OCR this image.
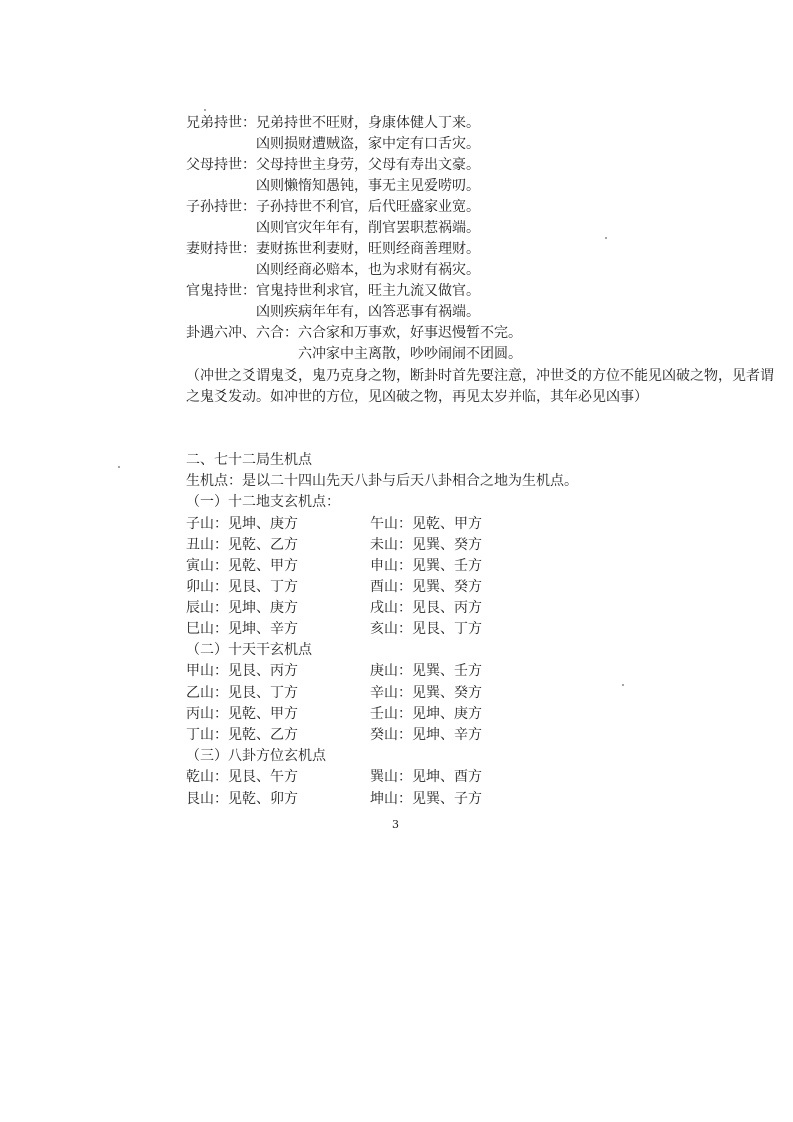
兄弟持世：兄弟持世不旺财，身康体健人丁来。
凶则损财遭贼盗，家中定有口舌灾。
父母持世：父母持世主身劳，父母有寿出文豪。
凶则懒惰知愚钝，事无主见爱唠叨。
子孙持世：子孙持世不利官，后代旺盛家业宽。
凶则官灾年年有，削官罢职惹祸端。
妻财持世：妻财拣世利妻财，旺则经商善理财。
凶则经商必赔本，也为求财有祸灾。
官鬼持世：官鬼持世利求官，旺主九流又做官。
凶则疾病年年有，凶答恶事有祸端。
卦遇六冲、六合：六合家和万事欢，好事迟慢暂不完。
六冲家中主离散，吵吵闹闹不团圆。
（冲世之爻谓鬼爻，鬼乃克身之物，断卦时首先要注意，冲世爻的方位不能见凶破之物，见者谓之鬼爻发动。如冲世的方位，见凶破之物，再见太岁并临，其年必见凶事）
二、七十二局生机点
生机点：是以二十四山先天八卦与后天八卦相合之地为生机点。
（一）十二地支玄机点：
子山：见坤、庚方	午山：见乾、甲方
丑山：见乾、乙方	未山：见巽、癸方
寅山：见乾、甲方	申山：见巽、壬方
卯山：见艮、丁方	酉山：见巽、癸方
辰山：见坤、庚方	戌山：见艮、丙方
巳山：见坤、辛方	亥山：见艮、丁方
（二）十天干玄机点
甲山：见艮、丙方	庚山：见巽、壬方
乙山：见艮、丁方	辛山：见巽、癸方
丙山：见乾、甲方	壬山：见坤、庚方
丁山：见乾、乙方	癸山：见坤、辛方
（三）八卦方位玄机点
乾山：见艮、午方	巽山：见坤、酉方
艮山：见乾、卯方	坤山：见巽、子方
3
